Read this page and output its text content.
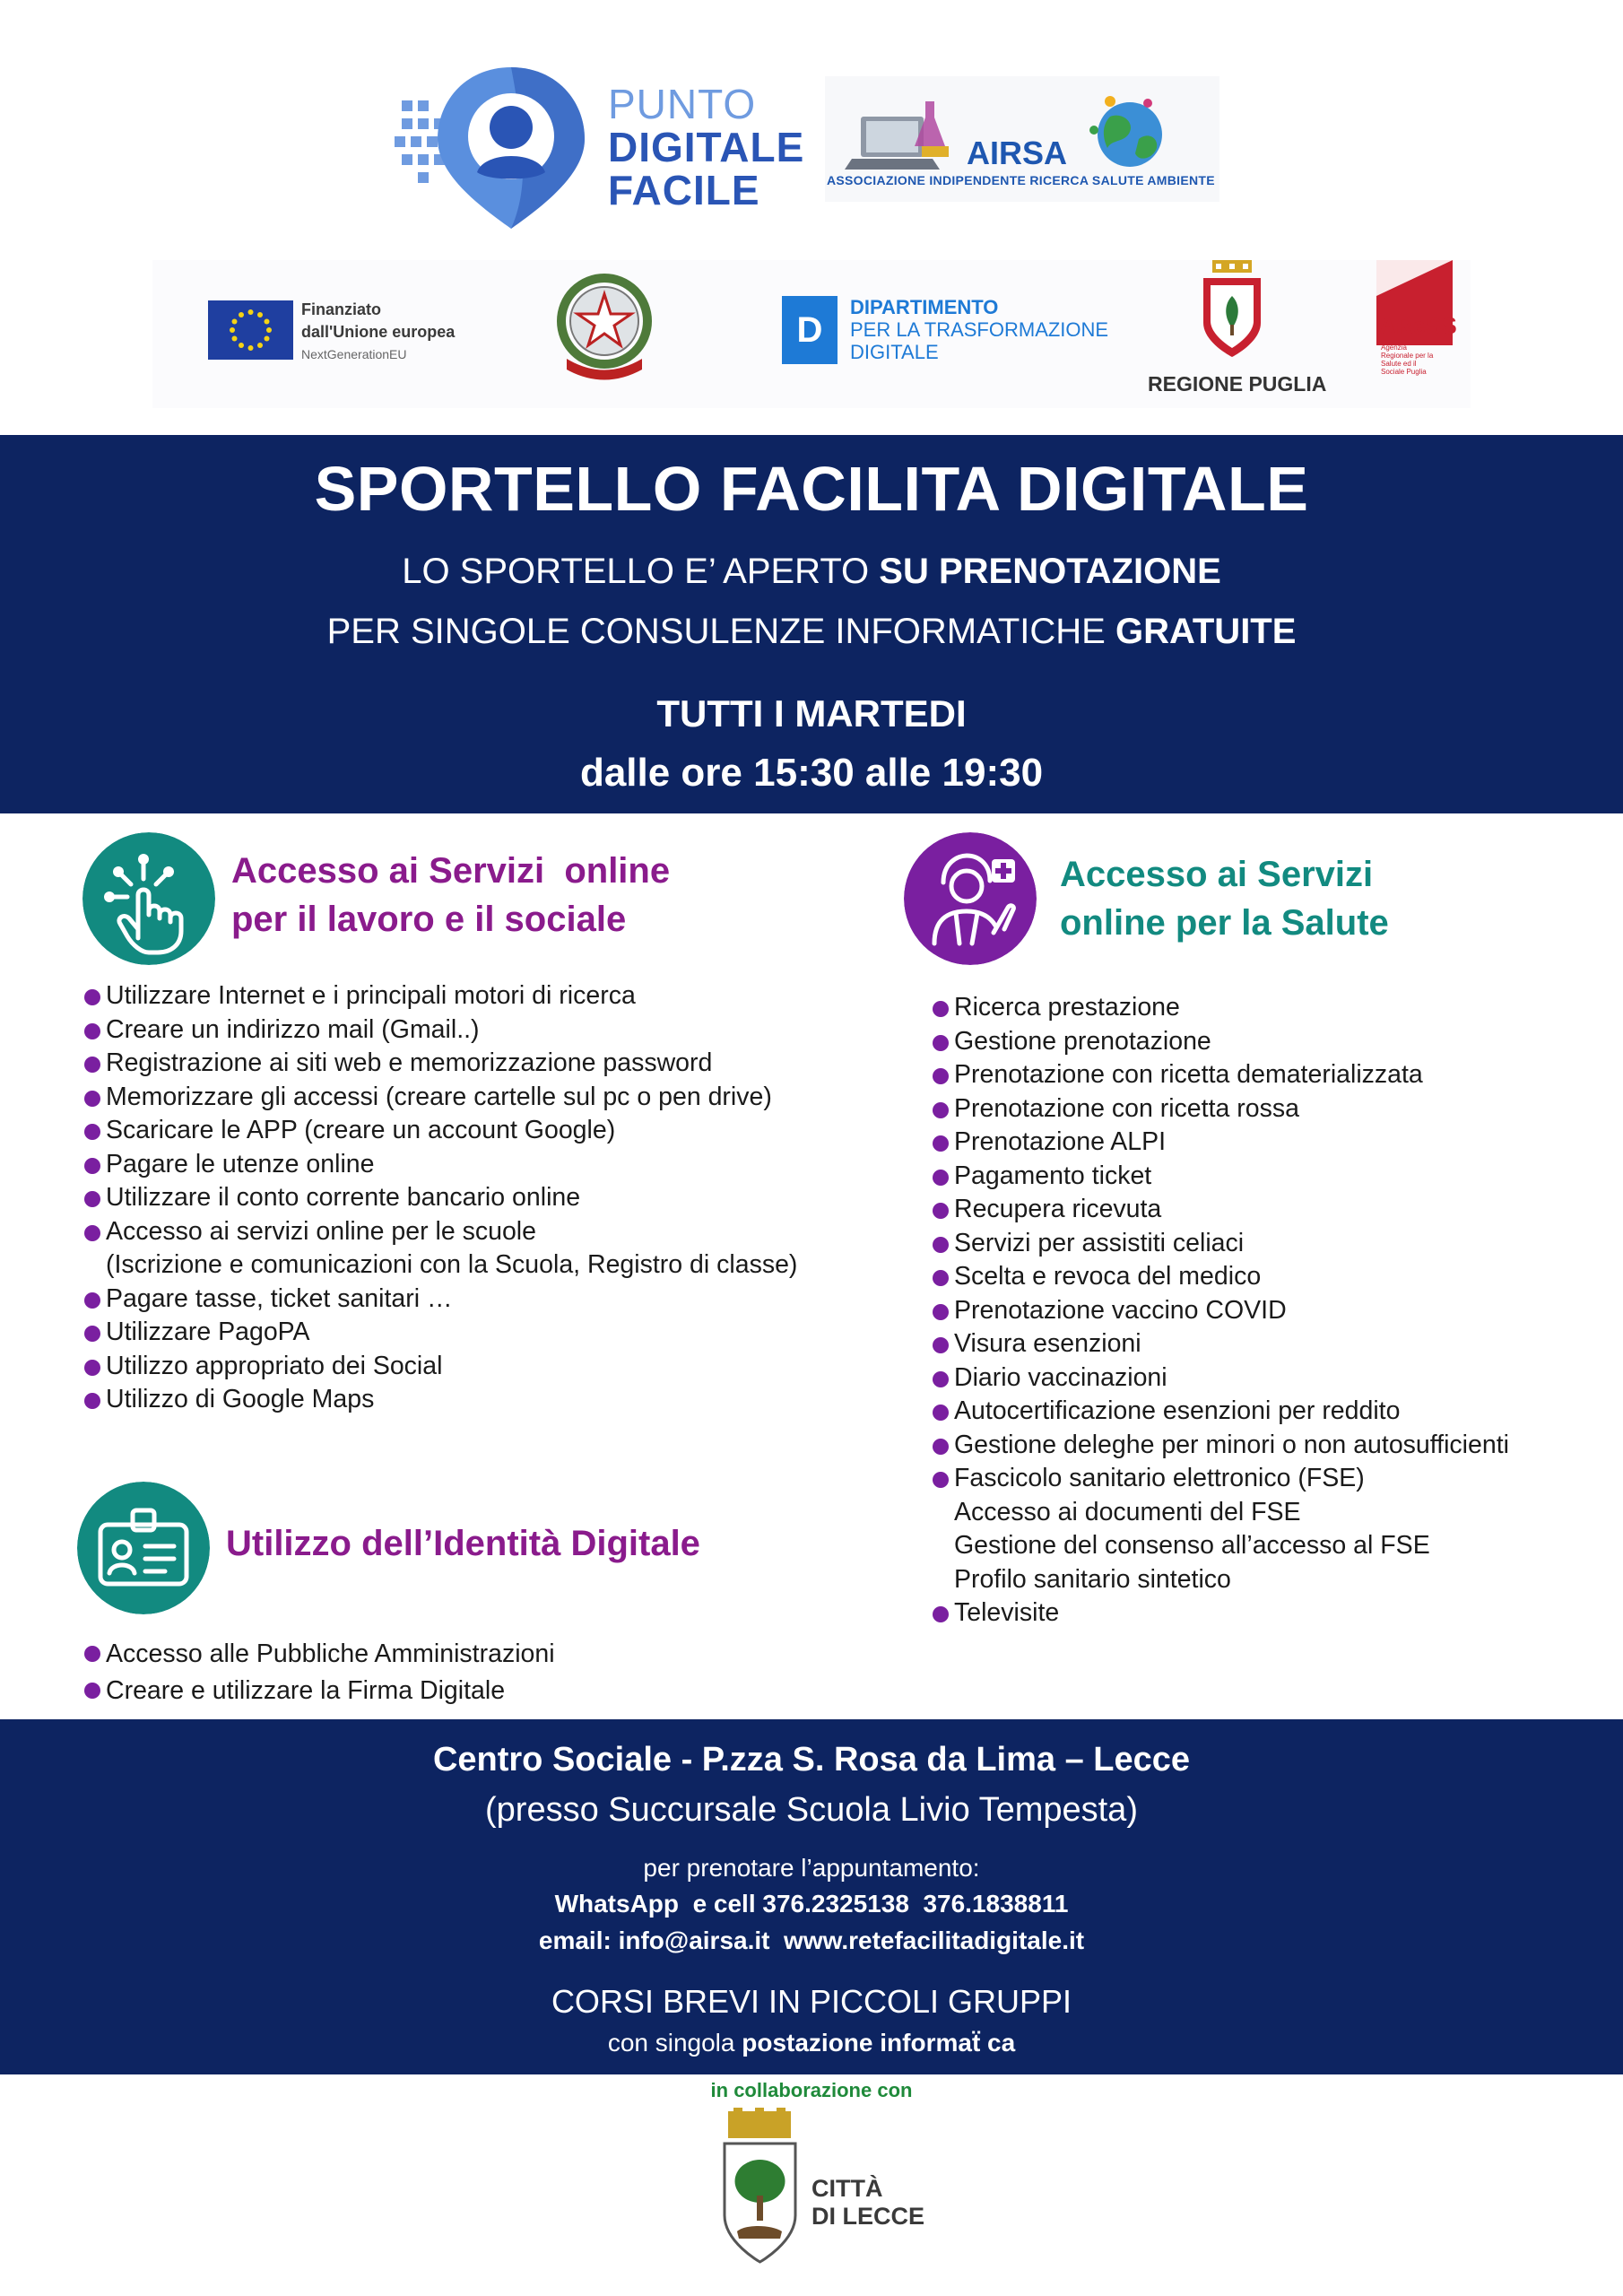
PUNTO
DIGITALE
FACILE
AIRSA
ASSOCIAZIONE INDIPENDENTE RICERCA SALUTE AMBIENTE
Finanziato
dall'Unione europea
NextGenerationEU
D
DIPARTIMENTO
PER LA TRASFORMAZIONE
DIGITALE
REGIONE PUGLIA
AReSS
Agenzia Regionale per la Salute ed il Sociale Puglia
SPORTELLO FACILITA DIGITALE
LO SPORTELLO E’ APERTO SU PRENOTAZIONE
PER SINGOLE CONSULENZE INFORMATICHE GRATUITE
TUTTI I MARTEDI
dalle ore 15:30 alle 19:30
Accesso ai Servizi  online
per il lavoro e il sociale
Utilizzare Internet e i principali motori di ricerca
Creare un indirizzo mail (Gmail..)
Registrazione ai siti web e memorizzazione password
Memorizzare gli accessi (creare cartelle sul pc o pen drive)
Scaricare le APP (creare un account Google)
Pagare le utenze online
Utilizzare il conto corrente bancario online
Accesso ai servizi online per le scuole
(Iscrizione e comunicazioni con la Scuola, Registro di classe)
Pagare tasse, ticket sanitari …
Utilizzare PagoPA
Utilizzo appropriato dei Social
Utilizzo di Google Maps
Utilizzo dell’Identità Digitale
Accesso alle Pubbliche Amministrazioni
Creare e utilizzare la Firma Digitale
Accesso ai Servizi
online per la Salute
Ricerca prestazione
Gestione prenotazione
Prenotazione con ricetta dematerializzata
Prenotazione con ricetta rossa
Prenotazione ALPI
Pagamento ticket
Recupera ricevuta
Servizi per assistiti celiaci
Scelta e revoca del medico
Prenotazione vaccino COVID
Visura esenzioni
Diario vaccinazioni
Autocertificazione esenzioni per reddito
Gestione deleghe per minori o non autosufficienti
Fascicolo sanitario elettronico (FSE)
Accesso ai documenti del FSE
Gestione del consenso all’accesso al FSE
Profilo sanitario sintetico
Televisite
Centro Sociale - P.zza S. Rosa da Lima – Lecce
(presso Succursale Scuola Livio Tempesta)
per prenotare l’appuntamento:
WhatsApp  e cell 376.2325138  376.1838811
email: info@airsa.it  www.retefacilitadigitale.it
CORSI BREVI IN PICCOLI GRUPPI
con singola postazione informaẗ ca
in collaborazione con
CITTÀ
DI LECCE
